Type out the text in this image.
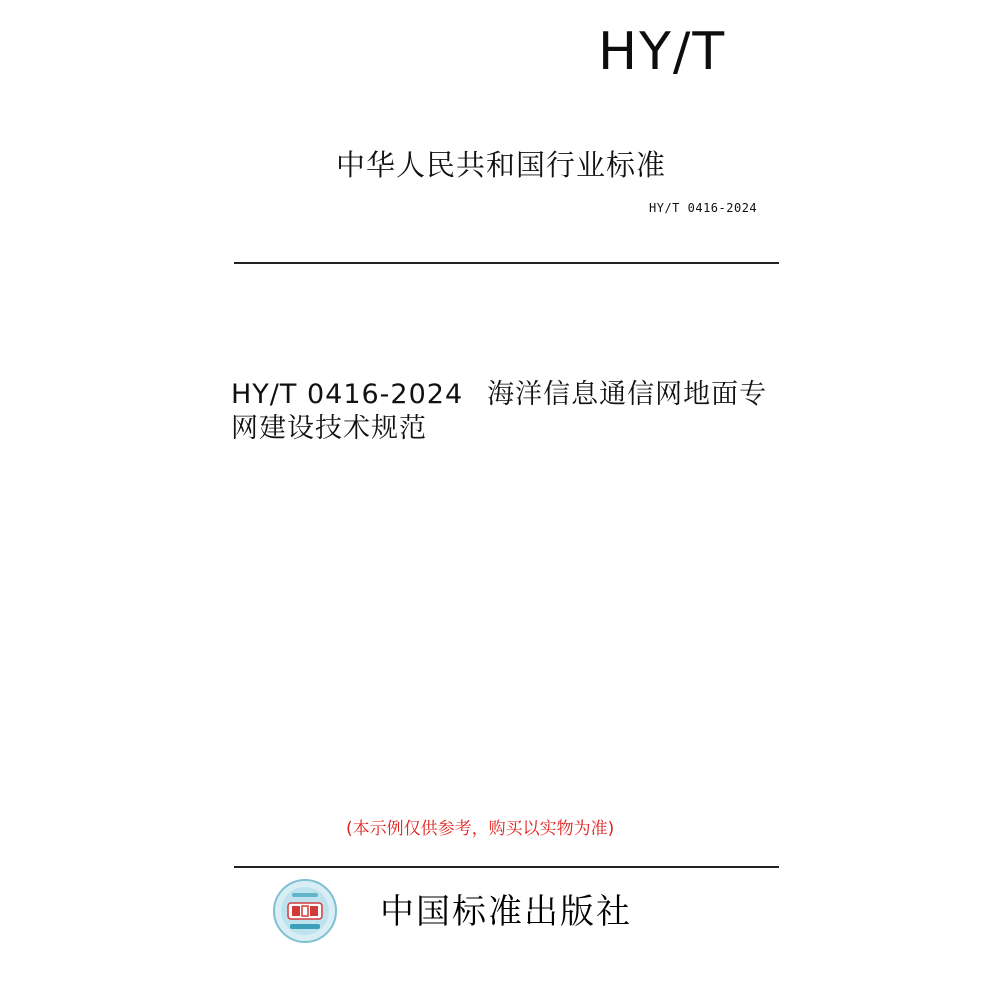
HY/T
中华人民共和国行业标准
HY/T 0416-2024
HY/T 0416-2024 海洋信息通信网地面专
网建设技术规范
(本示例仅供参考，购买以实物为准)
中国标准出版社
